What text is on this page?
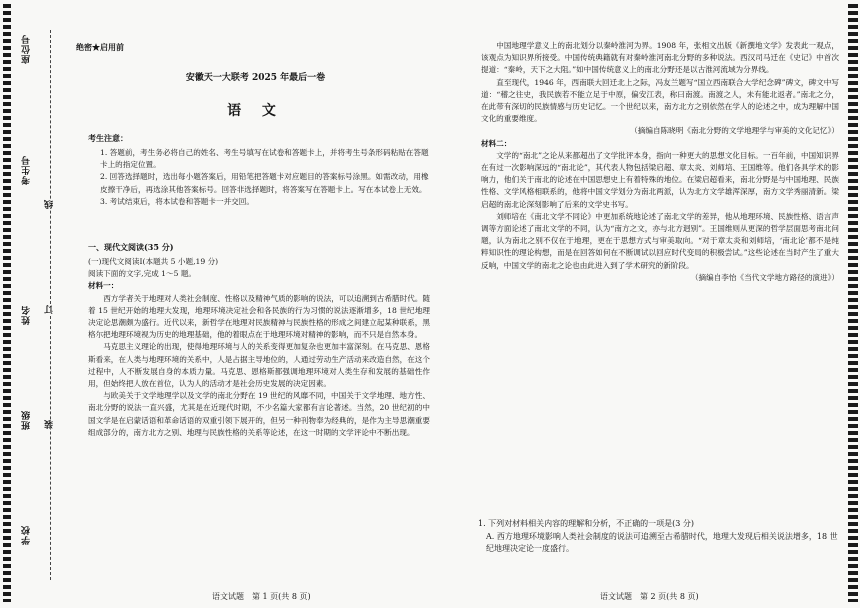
座位号
考生号
姓名
班级
学校
线
订
装
绝密★启用前
安徽天一大联考 2025 年最后一卷
语 文
考生注意：
1. 答题前，考生务必将自己的姓名、考生号填写在试卷和答题卡上，并将考生号条形码粘贴在答题卡上的指定位置。
2. 回答选择题时，选出每小题答案后，用铅笔把答题卡对应题目的答案标号涂黑。如需改动，用橡皮擦干净后，再选涂其他答案标号。回答非选择题时，将答案写在答题卡上。写在本试卷上无效。
3. 考试结束后，将本试卷和答题卡一并交回。
一、现代文阅读(35 分)
(一)现代文阅读Ⅰ(本题共 5 小题,19 分)
阅读下面的文字,完成 1～5 题。
材料一：
西方学者关于地理对人类社会制度、性格以及精神气质的影响的说法，可以追溯到古希腊时代。随着 15 世纪开始的地理大发现，地理环境决定社会和各民族的行为习惯的说法逐渐增多，18 世纪地理决定论思潮颇为盛行。近代以来，新哲学在地理对民族精神与民族性格的形成之间建立起某种联系，黑格尔把地理环境视为历史的地理基础，他的着眼点在于地理环境对精神的影响，而不只是自然本身。
马克思主义理论的出现，使得地理环境与人的关系变得更加复杂也更加丰富深刻。在马克思、恩格斯看来，在人类与地理环境的关系中，人是占据主导地位的，人通过劳动生产活动来改造自然，在这个过程中，人不断发展自身的本质力量。马克思、恩格斯都强调地理环境对人类生存和发展的基础性作用，但始终把人放在首位，认为人的活动才是社会历史发展的决定因素。
与欧美关于文学地理学以及文学的南北分野在 19 世纪的风靡不同，中国关于文学地理、地方性、南北分野的说法一直兴盛，尤其是在近现代时期，不少名篇大家都有言论著述。当然，20 世纪初的中国文学是在启蒙话语和革命话语的双重引领下展开的，但另一种刊物奉为经典的，是作为主导思潮重要组成部分的，南方北方之别、地理与民族性格的关系等论述，在这一时期的文学评论中不断出现。
语文试题　第 1 页(共 8 页)
中国地理学意义上的南北划分以秦岭淮河为界。1908 年，张相文出版《新撰地文学》发表此一观点，该观点为知识界所接受。中国传统典籍就有对秦岭淮河南北分野的多种说法。西汉司马迁在《史记》中首次提道：“秦岭，天下之大阻。”如中国传统意义上的南北分野还是以古淮河流域为分界线。
直至现代，1946 年，西南联大回迁北上之际，冯友兰题写“国立西南联合大学纪念碑”碑文，碑文中写道：“稽之往史，我民族若不能立足于中原，偏安江表，称曰南渡。南渡之人，未有能北返者。”南北之分，在此带有深切的民族情感与历史记忆。一个世纪以来，南方北方之别依然在学人的论述之中，成为理解中国文化的重要维度。
（摘编自陈晓明《南北分野的文学地理学与审美的文化记忆》）
材料二：
文学的“南北”之论从来都超出了文学批评本身，指向一种更大的思想文化目标。一百年前，中国知识界在有过一次影响深远的“南北论”，其代表人物包括梁启超、章太炎、刘师培、王国维等。他们各具学术的影响力，他们关于南北的论述在中国思想史上有着特殊的地位。在梁启超看来，南北分野是与中国地理、民族性格、文学风格相联系的，他将中国文学划分为南北两派，认为北方文学雄浑深厚，南方文学秀丽清新。梁启超的南北论深刻影响了后来的文学史书写。
刘师培在《南北文学不同论》中更加系统地论述了南北文学的差异，他从地理环境、民族性格、语言声调等方面论述了南北文学的不同，认为“南方之文，亦与北方迥别”。王国维则从更深的哲学层面思考南北问题，认为南北之别不仅在于地理，更在于思想方式与审美取向。“对于章太炎和刘师培，‘南北论’都不是纯粹知识性的理论构想，而是在回答如何在不断调试以回应时代变局的积极尝试。”这些论述在当时产生了重大反响，中国文学的南北之论也由此进入到了学术研究的新阶段。
（摘编自李怡《当代文学地方路径的演进》）
1. 下列对材料相关内容的理解和分析，不正确的一项是(3 分)
A. 西方地理环境影响人类社会制度的说法可追溯至古希腊时代，地理大发现后相关说法增多，18 世纪地理决定论一度盛行。
语文试题　第 2 页(共 8 页)
